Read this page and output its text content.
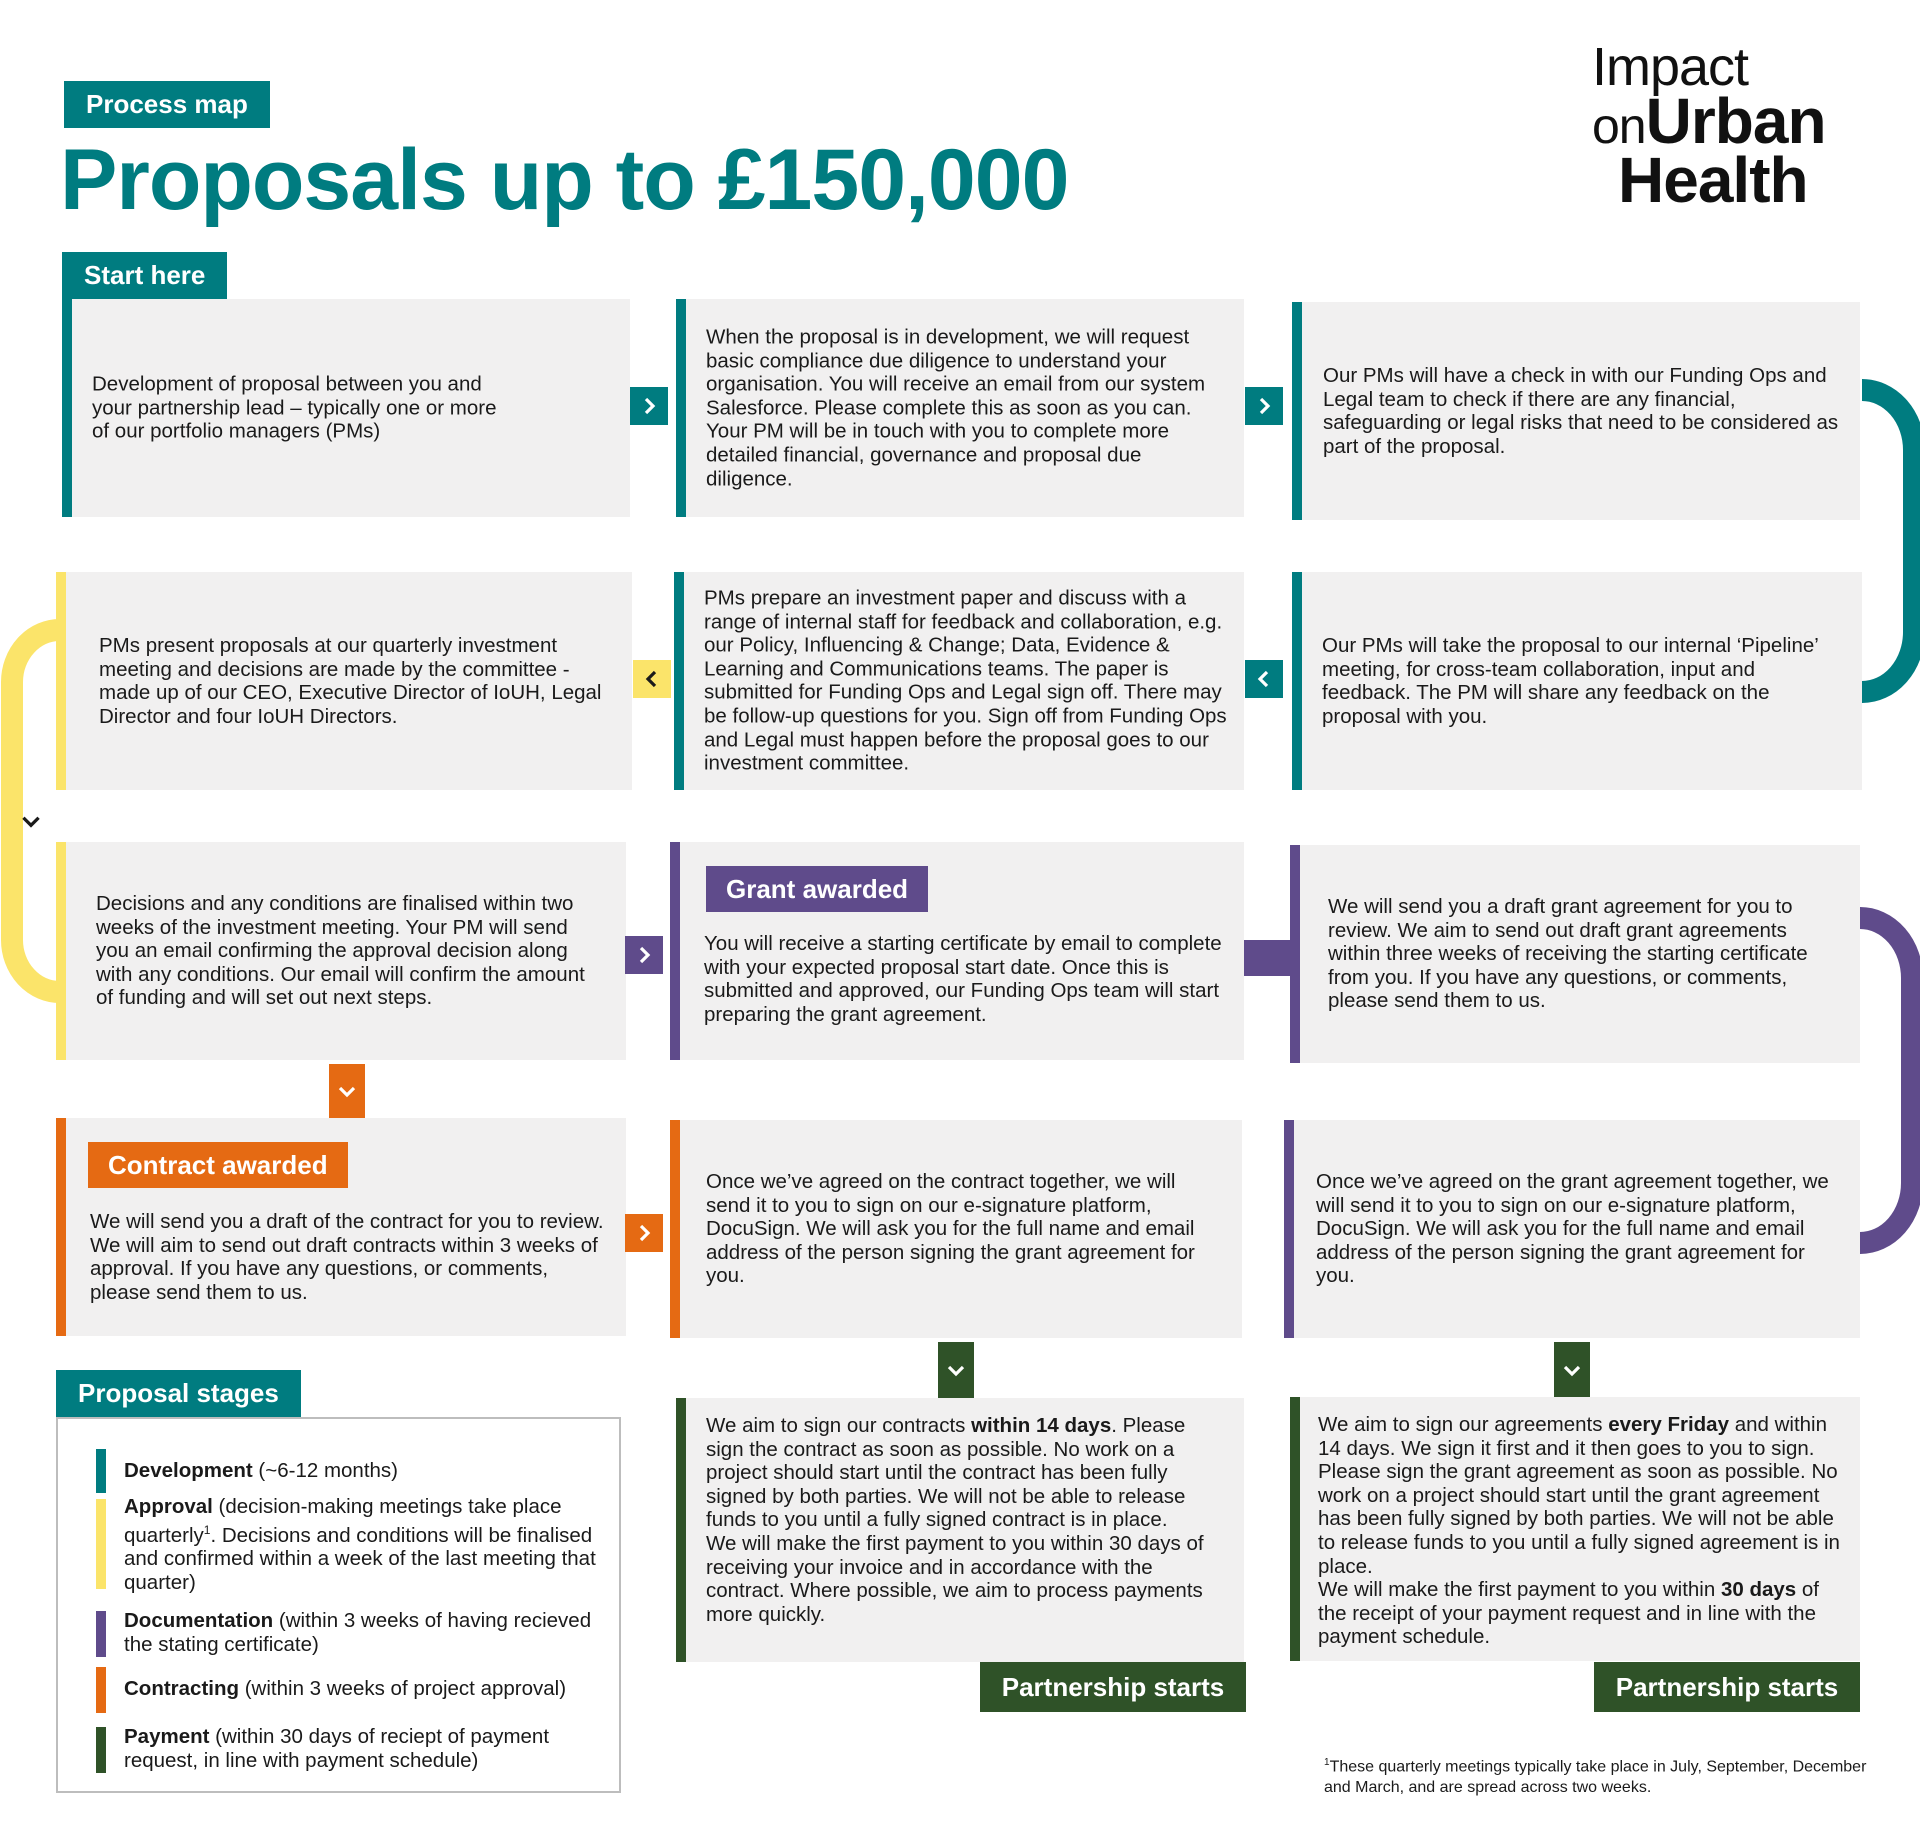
Process map
Proposals up to £150,000
Impact
onUrban
Health
Start here
Development of proposal between you and your partnership lead – typically one or more of our portfolio managers (PMs)
When the proposal is in development, we will request basic compliance due diligence to understand your organisation. You will receive an email from our system Salesforce. Please complete this as soon as you can. Your PM will be in touch with you to complete more detailed financial, governance and proposal due diligence.
Our PMs will have a check in with our Funding Ops and Legal team to check if there are any financial, safeguarding or legal risks that need to be considered as part of the proposal.
PMs present proposals at our quarterly investment meeting and decisions are made by the committee - made up of our CEO, Executive Director of IoUH, Legal Director and four IoUH Directors.
PMs prepare an investment paper and discuss with a range of internal staff for feedback and collaboration, e.g. our Policy, Influencing & Change; Data, Evidence & Learning and Communications teams. The paper is submitted for Funding Ops and Legal sign off. There may be follow-up questions for you. Sign off from Funding Ops and Legal must happen before the proposal goes to our investment committee.
Our PMs will take the proposal to our internal ‘Pipeline’ meeting, for cross-team collaboration, input and feedback. The PM will share any feedback on the proposal with you.
Decisions and any conditions are finalised within two weeks of the investment meeting. Your PM will send you an email confirming the approval decision along with any conditions. Our email will confirm the amount of funding and will set out next steps.
Grant awarded
You will receive a starting certificate by email to complete with your expected proposal start date. Once this is submitted and approved, our Funding Ops team will start preparing the grant agreement.
We will send you a draft grant agreement for you to review. We aim to send out draft grant agreements within three weeks of receiving the starting certificate from you. If you have any questions, or comments, please send them to us.
Contract awarded
We will send you a draft of the contract for you to review. We will aim to send out draft contracts within 3 weeks of approval. If you have any questions, or comments, please send them to us.
Once we’ve agreed on the contract together, we will send it to you to sign on our e-signature platform, DocuSign. We will ask you for the full name and email address of the person signing the grant agreement for you.
Once we’ve agreed on the grant agreement together, we will send it to you to sign on our e-signature platform, DocuSign. We will ask you for the full name and email address of the person signing the grant agreement for you.

We aim to sign our contracts within 14 days. Please sign the contract as soon as possible. No work on a project should start until the contract has been fully signed by both parties. We will not be able to release funds to you until a fully signed contract is in place.

We will make the first payment to you within 30 days of receiving your invoice and in accordance with the contract. Where possible, we aim to process payments more quickly.

Partnership starts

We aim to sign our agreements every Friday and within 14 days. We sign it first and it then goes to you to sign. Please sign the grant agreement as soon as possible. No work on a project should start until the grant agreement has been fully signed by both parties. We will not be able to release funds to you until a fully signed agreement is in place.

We will make the first payment to you within 30 days of the receipt of your payment request and in line with the payment schedule.

Partnership starts
Proposal stages
Development (~6-12 months)
Approval (decision-making meetings take place quarterly$^1$. Decisions and conditions will be finalised and confirmed within a week of the last meeting that quarter)
Documentation (within 3 weeks of having recieved the stating certificate)
Contracting (within 3 weeks of project approval)
Payment (within 30 days of reciept of payment request, in line with payment schedule)	$^1$These quarterly meetings typically take place in July, September, December and March, and are spread across two weeks.
